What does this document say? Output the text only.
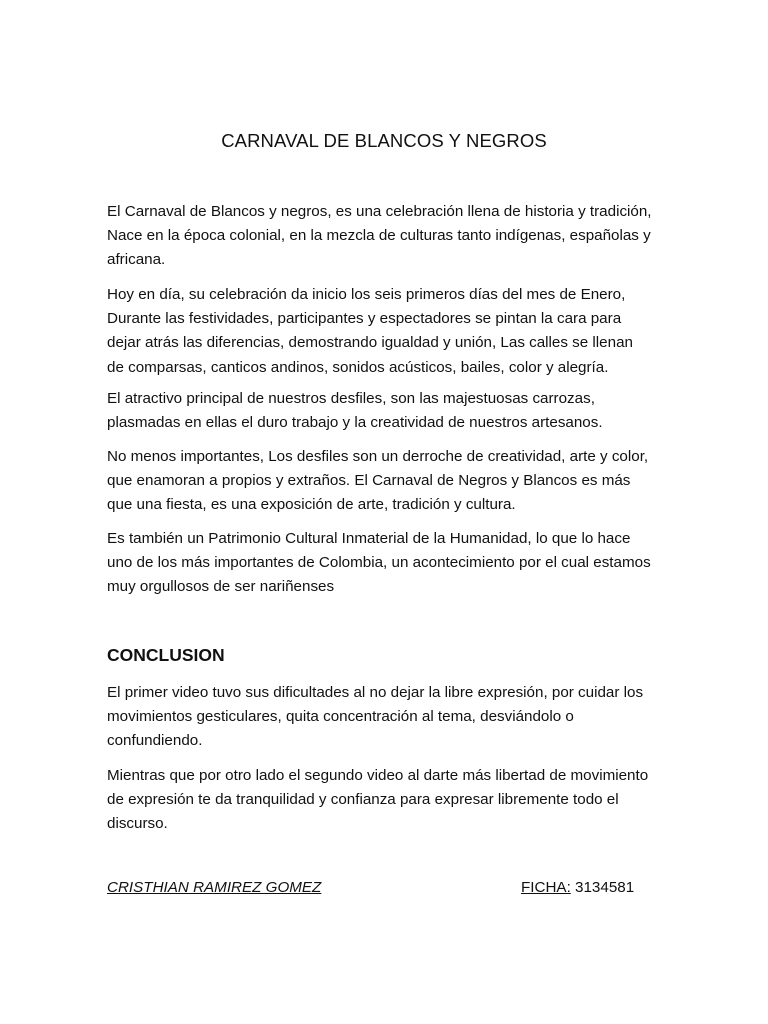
CARNAVAL DE BLANCOS Y NEGROS

El Carnaval de Blancos y negros, es una celebración llena de historia y tradición, Nace en la época colonial, en la mezcla de culturas tanto indígenas, españolas y africana.

Hoy en día, su celebración da inicio los seis primeros días del mes de Enero, Durante las festividades, participantes y espectadores se pintan la cara para dejar atrás las diferencias, demostrando igualdad y unión, Las calles se llenan de comparsas, canticos andinos, sonidos acústicos, bailes, color y alegría.

El atractivo principal de nuestros desfiles, son las majestuosas carrozas, plasmadas en ellas el duro trabajo y la creatividad de nuestros artesanos.

No menos importantes, Los desfiles son un derroche de creatividad, arte y color, que enamoran a propios y extraños. El Carnaval de Negros y Blancos es más que una fiesta, es una exposición de arte, tradición y cultura.

Es también un Patrimonio Cultural Inmaterial de la Humanidad, lo que lo hace uno de los más importantes de Colombia, un acontecimiento por el cual estamos muy orgullosos de ser nariñenses

CONCLUSION

El primer video tuvo sus dificultades al no dejar la libre expresión, por cuidar los movimientos gesticulares, quita concentración al tema, desviándolo o confundiendo.

Mientras que por otro lado el segundo video al darte más libertad de movimiento de expresión te da tranquilidad y confianza para expresar libremente todo el discurso.

CRISTHIAN RAMIREZ GOMEZ	FICHA: 3134581
